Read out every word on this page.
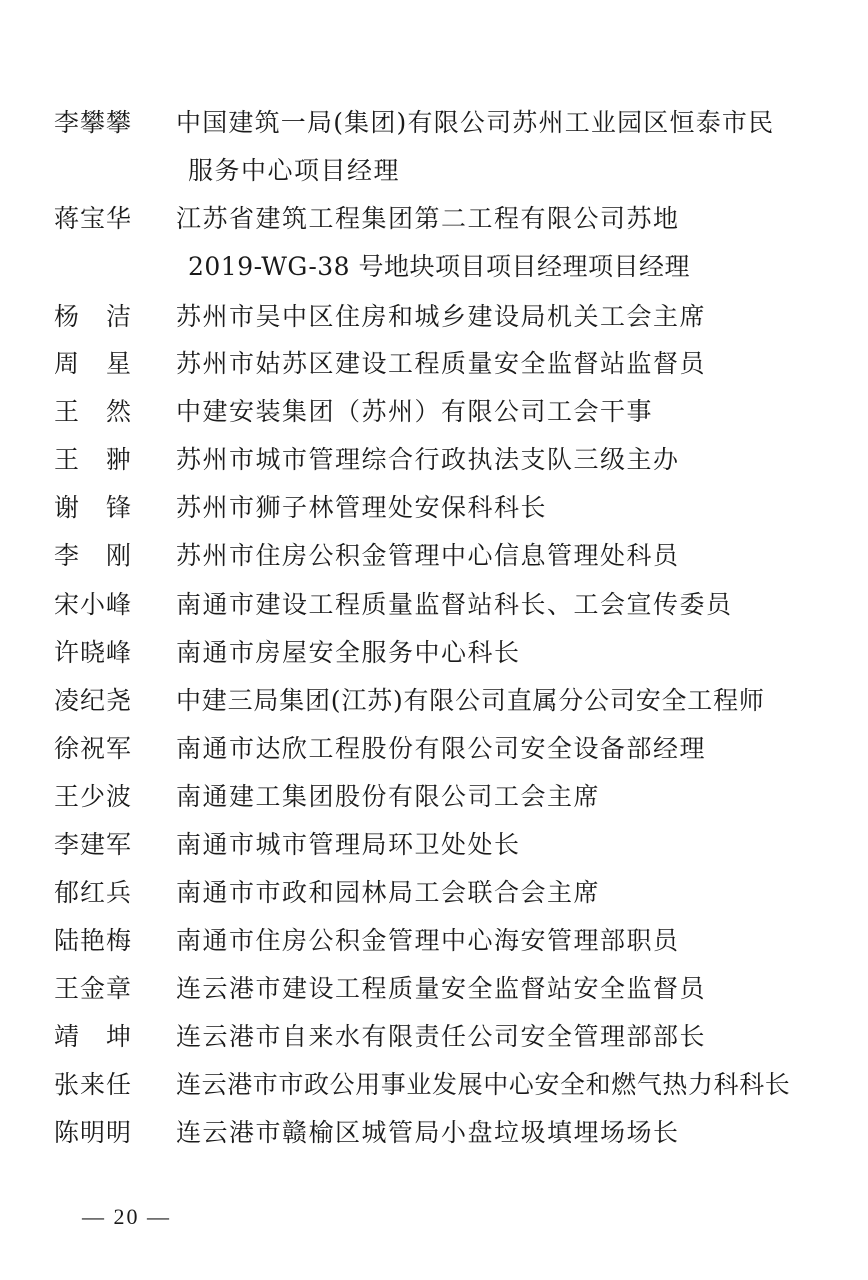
李攀攀 中国建筑一局(集团)有限公司苏州工业园区恒泰市民
服务中心项目经理
蒋宝华 江苏省建筑工程集团第二工程有限公司苏地
2019-WG-38 号地块项目项目经理项目经理
杨　洁 苏州市吴中区住房和城乡建设局机关工会主席
周　星 苏州市姑苏区建设工程质量安全监督站监督员
王　然 中建安装集团（苏州）有限公司工会干事
王　翀 苏州市城市管理综合行政执法支队三级主办
谢　锋 苏州市狮子林管理处安保科科长
李　刚 苏州市住房公积金管理中心信息管理处科员
宋小峰 南通市建设工程质量监督站科长、工会宣传委员
许晓峰 南通市房屋安全服务中心科长
凌纪尧 中建三局集团(江苏)有限公司直属分公司安全工程师
徐祝军 南通市达欣工程股份有限公司安全设备部经理
王少波 南通建工集团股份有限公司工会主席
李建军 南通市城市管理局环卫处处长
郁红兵 南通市市政和园林局工会联合会主席
陆艳梅 南通市住房公积金管理中心海安管理部职员
王金章 连云港市建设工程质量安全监督站安全监督员
靖　坤 连云港市自来水有限责任公司安全管理部部长
张来任 连云港市市政公用事业发展中心安全和燃气热力科科长
陈明明 连云港市赣榆区城管局小盘垃圾填埋场场长
— 20 —
